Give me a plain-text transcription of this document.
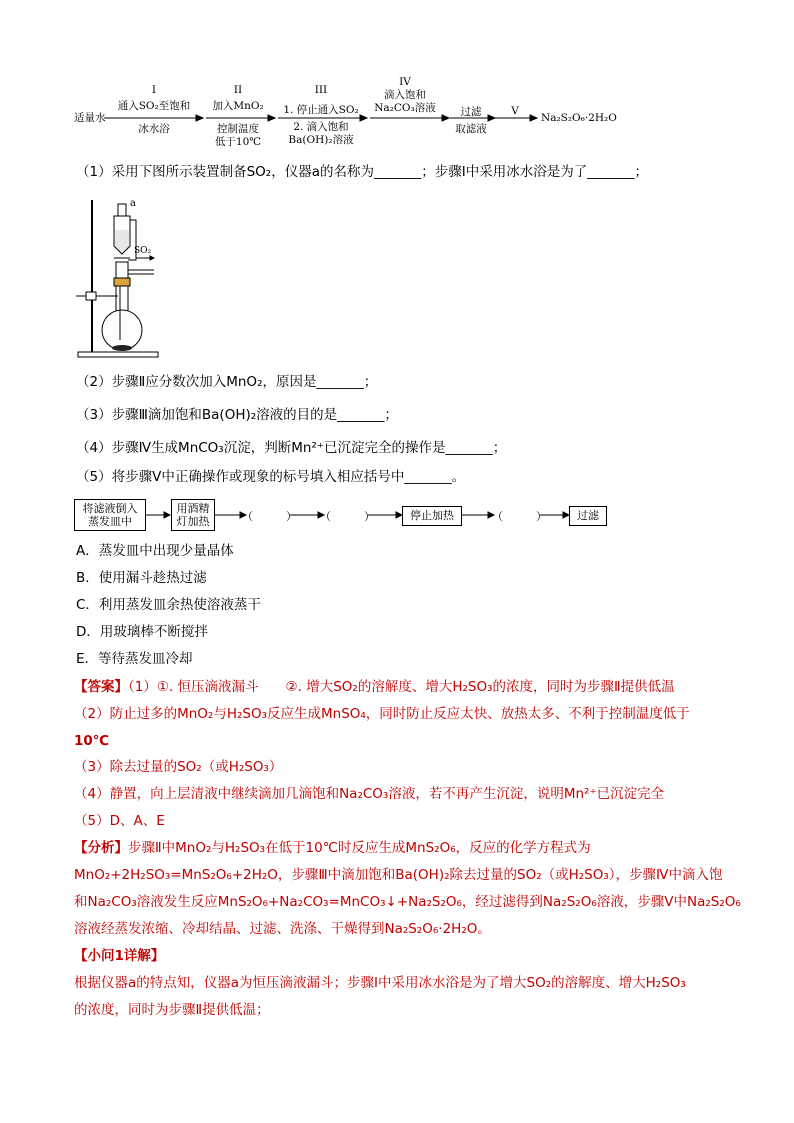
适量水
I
通入SO₂至饱和
冰水浴
II
加入MnO₂
控制温度
低于10℃
III
1. 停止通入SO₂
2. 滴入饱和
Ba(OH)₂溶液
IV
滴入饱和
Na₂CO₃溶液	过滤
取滤液
V
Na₂S₂O₆·2H₂O
（1）采用下图所示装置制备SO₂，仪器a的名称为_______；步骤Ⅰ中采用冰水浴是为了_______；
a
SO₂
（2）步骤Ⅱ应分数次加入MnO₂，原因是_______；
（3）步骤Ⅲ滴加饱和Ba(OH)₂溶液的目的是_______；
（4）步骤Ⅳ生成MnCO₃沉淀，判断Mn²⁺已沉淀完全的操作是_______；
（5）将步骤Ⅴ中正确操作或现象的标号填入相应括号中_______。
将滤液倒入
蒸发皿中
用酒精
灯加热	（　　　） （　　　）	停止加热	（　　　）	过滤
A．蒸发皿中出现少量晶体
B．使用漏斗趁热过滤
C．利用蒸发皿余热使溶液蒸干
D．用玻璃棒不断搅拌
E．等待蒸发皿冷却
【答案】（1）①. 恒压滴液漏斗　　②. 增大SO₂的溶解度、增大H₂SO₃的浓度，同时为步骤Ⅱ提供低温
（2）防止过多的MnO₂与H₂SO₃反应生成MnSO₄，同时防止反应太快、放热太多、不利于控制温度低于
10℃
（3）除去过量的SO₂（或H₂SO₃）
（4）静置，向上层清液中继续滴加几滴饱和Na₂CO₃溶液，若不再产生沉淀，说明Mn²⁺已沉淀完全
（5）D、A、E
【分析】步骤Ⅱ中MnO₂与H₂SO₃在低于10℃时反应生成MnS₂O₆，反应的化学方程式为
MnO₂+2H₂SO₃=MnS₂O₆+2H₂O，步骤Ⅲ中滴加饱和Ba(OH)₂除去过量的SO₂（或H₂SO₃），步骤Ⅳ中滴入饱
和Na₂CO₃溶液发生反应MnS₂O₆+Na₂CO₃=MnCO₃↓+Na₂S₂O₆，经过滤得到Na₂S₂O₆溶液，步骤Ⅴ中Na₂S₂O₆
溶液经蒸发浓缩、冷却结晶、过滤、洗涤、干燥得到Na₂S₂O₆·2H₂O。
【小问1详解】
根据仪器a的特点知，仪器a为恒压滴液漏斗；步骤Ⅰ中采用冰水浴是为了增大SO₂的溶解度、增大H₂SO₃
的浓度，同时为步骤Ⅱ提供低温；
